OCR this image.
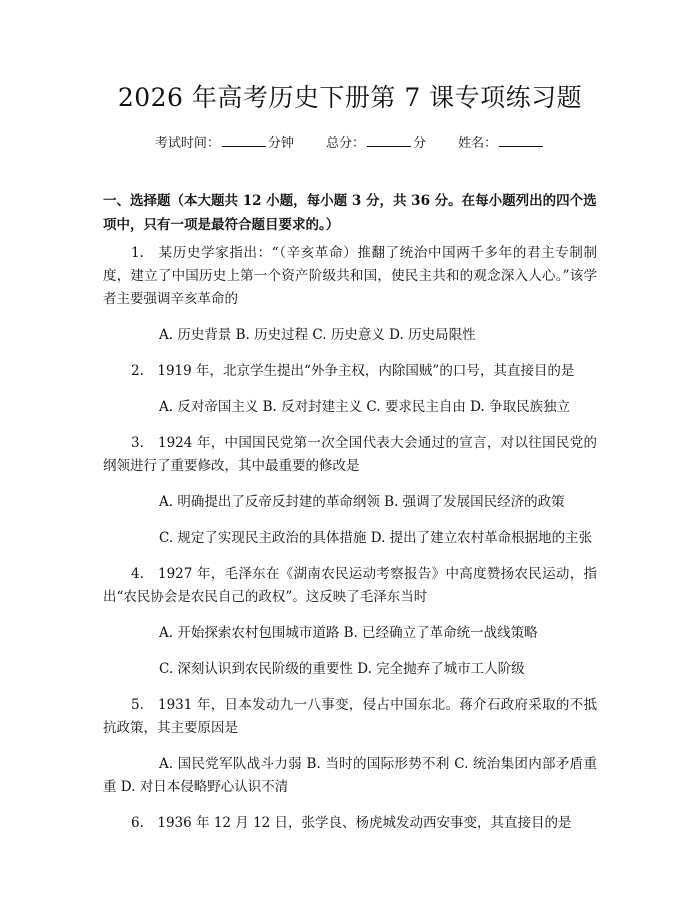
2026 年高考历史下册第 7 课专项练习题
考试时间：	分钟 总分：	分 姓名：
一、选择题（本大题共 12 小题，每小题 3 分，共 36 分。在每小题列出的四个选项中，只有一项是最符合题目要求的。）

1.　某历史学家指出：“（辛亥革命）推翻了统治中国两千多年的君主专制制度，建立了中国历史上第一个资产阶级共和国，使民主共和的观念深入人心。”该学者主要强调辛亥革命的

A. 历史背景 B. 历史过程 C. 历史意义 D. 历史局限性

2.　1919 年，北京学生提出“外争主权，内除国贼”的口号，其直接目的是

A. 反对帝国主义 B. 反对封建主义 C. 要求民主自由 D. 争取民族独立

3.　1924 年，中国国民党第一次全国代表大会通过的宣言，对以往国民党的纲领进行了重要修改，其中最重要的修改是

A. 明确提出了反帝反封建的革命纲领 B. 强调了发展国民经济的政策

C. 规定了实现民主政治的具体措施 D. 提出了建立农村革命根据地的主张

4.　1927 年，毛泽东在《湖南农民运动考察报告》中高度赞扬农民运动，指出“农民协会是农民自己的政权”。这反映了毛泽东当时

A. 开始探索农村包围城市道路 B. 已经确立了革命统一战线策略

C. 深刻认识到农民阶级的重要性 D. 完全抛弃了城市工人阶级

5.　1931 年，日本发动九一八事变，侵占中国东北。蒋介石政府采取的不抵抗政策，其主要原因是

A. 国民党军队战斗力弱 B. 当时的国际形势不利 C. 统治集团内部矛盾重重 D. 对日本侵略野心认识不清

6.　1936 年 12 月 12 日，张学良、杨虎城发动西安事变，其直接目的是
